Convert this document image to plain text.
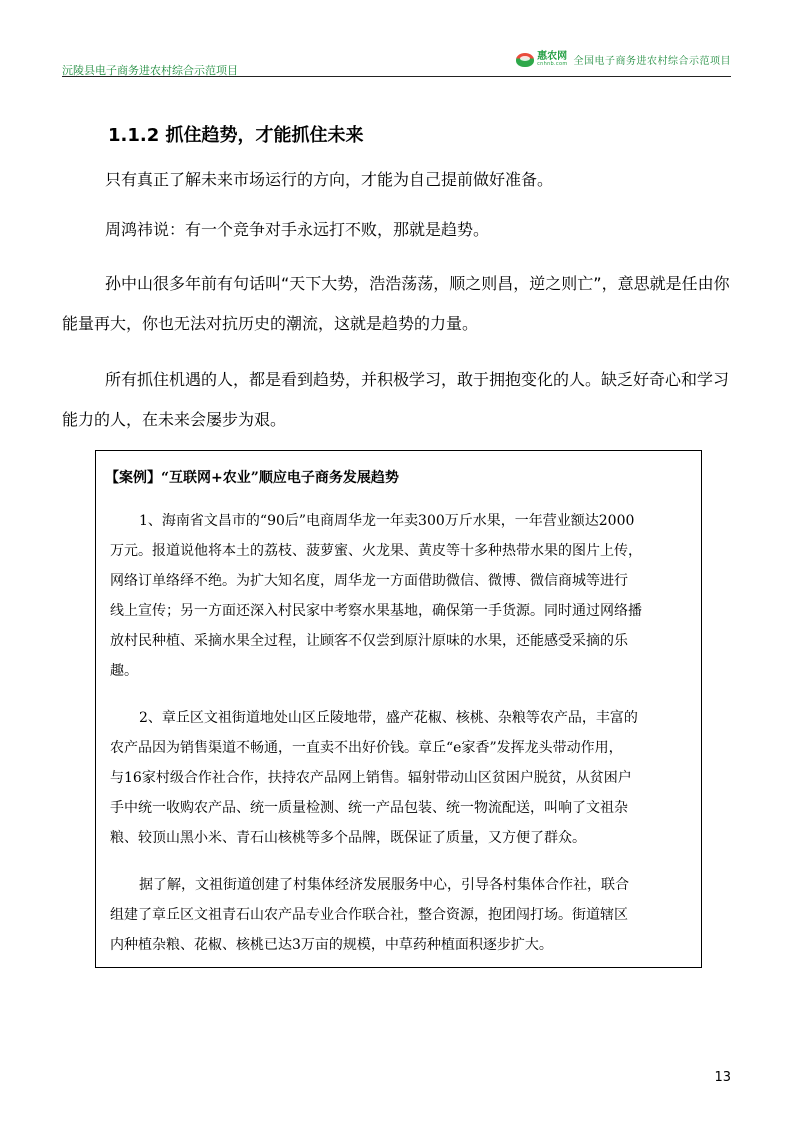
沅陵县电子商务进农村综合示范项目
惠农网
cnhnb.com 全国电子商务进农村综合示范项目
1.1.2 抓住趋势，才能抓住未来
只有真正了解未来市场运行的方向，才能为自己提前做好准备。
周鸿祎说：有一个竞争对手永远打不败，那就是趋势。
孙中山很多年前有句话叫“天下大势，浩浩荡荡，顺之则昌，逆之则亡”，意思就是任由你
能量再大，你也无法对抗历史的潮流，这就是趋势的力量。
所有抓住机遇的人，都是看到趋势，并积极学习，敢于拥抱变化的人。缺乏好奇心和学习
能力的人，在未来会屡步为艰。
【案例】“互联网+农业”顺应电子商务发展趋势
1、海南省文昌市的“90后”电商周华龙一年卖300万斤水果，一年营业额达2000
万元。报道说他将本土的荔枝、菠萝蜜、火龙果、黄皮等十多种热带水果的图片上传，
网络订单络绎不绝。为扩大知名度，周华龙一方面借助微信、微博、微信商城等进行
线上宣传；另一方面还深入村民家中考察水果基地，确保第一手货源。同时通过网络播
放村民种植、采摘水果全过程，让顾客不仅尝到原汁原味的水果，还能感受采摘的乐
趣。
2、章丘区文祖街道地处山区丘陵地带，盛产花椒、核桃、杂粮等农产品，丰富的
农产品因为销售渠道不畅通，一直卖不出好价钱。章丘“e家香”发挥龙头带动作用，
与16家村级合作社合作，扶持农产品网上销售。辐射带动山区贫困户脱贫，从贫困户
手中统一收购农产品、统一质量检测、统一产品包装、统一物流配送，叫响了文祖杂
粮、较顶山黑小米、青石山核桃等多个品牌，既保证了质量，又方便了群众。
据了解，文祖街道创建了村集体经济发展服务中心，引导各村集体合作社，联合
组建了章丘区文祖青石山农产品专业合作联合社，整合资源，抱团闯打场。街道辖区
内种植杂粮、花椒、核桃已达3万亩的规模，中草药种植面积逐步扩大。
13
